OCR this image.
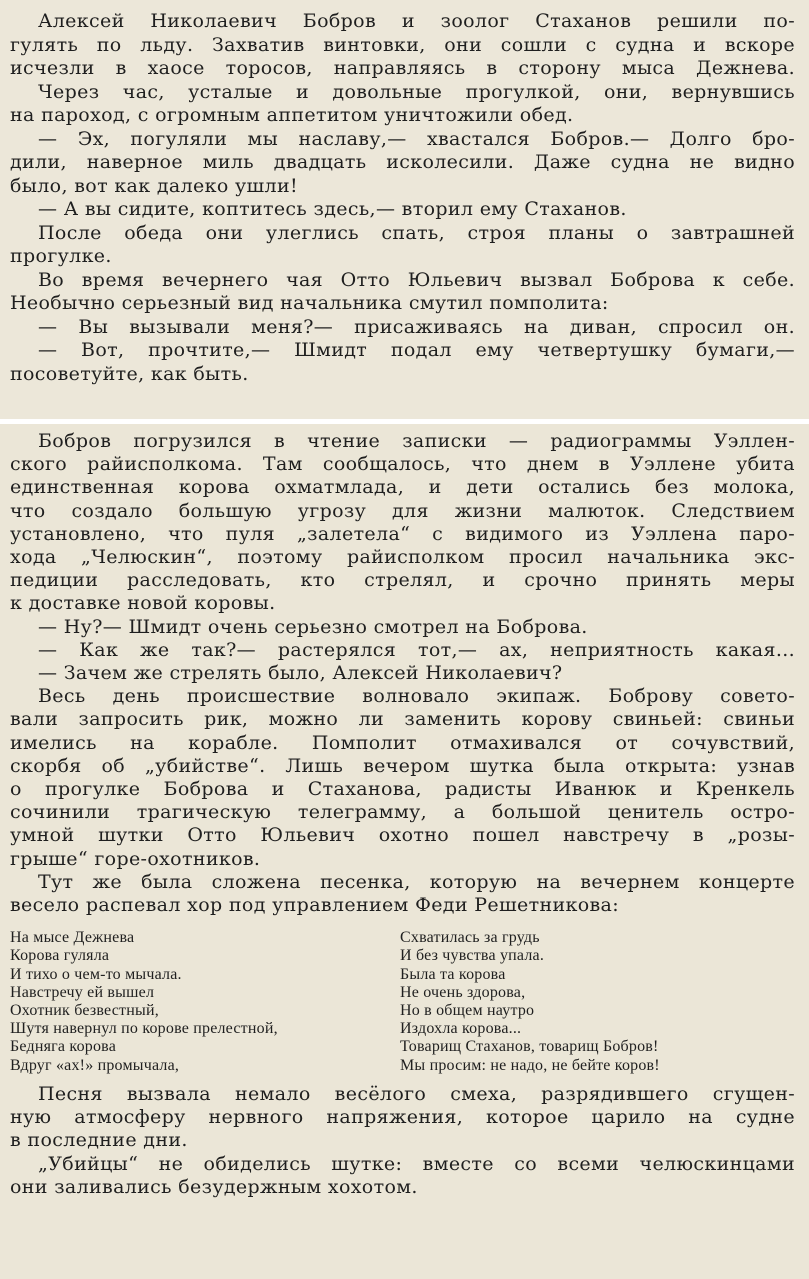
Алексей Николаевич Бобров и зоолог Стаханов решили по-

гулять по льду. Захватив винтовки, они сошли с судна и вскоре

исчезли в хаосе торосов, направляясь в сторону мыса Дежнева.

Через час, усталые и довольные прогулкой, они, вернувшись

на пароход, с огромным аппетитом уничтожили обед.

— Эх, погуляли мы наславу,— хвастался Бобров.— Долго бро-

дили, наверное миль двадцать исколесили. Даже судна не видно

было, вот как далеко ушли!

— А вы сидите, коптитесь здесь,— вторил ему Стаханов.

После обеда они улеглись спать, строя планы о завтрашней

прогулке.

Во время вечернего чая Отто Юльевич вызвал Боброва к себе.

Необычно серьезный вид начальника смутил помполита:

— Вы вызывали меня?— присаживаясь на диван, спросил он.

— Вот, прочтите,— Шмидт подал ему четвертушку бумаги,—

посоветуйте, как быть.

Бобров погрузился в чтение записки — радиограммы Уэллен-

ского райисполкома. Там сообщалось, что днем в Уэллене убита

единственная корова охматмлада, и дети остались без молока,

что создало большую угрозу для жизни малюток. Следствием

установлено, что пуля „залетела“ с видимого из Уэллена паро-

хода „Челюскин“, поэтому райисполком просил начальника экс-

педиции расследовать, кто стрелял, и срочно принять меры

к доставке новой коровы.

— Ну?— Шмидт очень серьезно смотрел на Боброва.

— Как же так?— растерялся тот,— ах, неприятность какая...

— Зачем же стрелять было, Алексей Николаевич?

Весь день происшествие волновало экипаж. Боброву совето-

вали запросить рик, можно ли заменить корову свиньей: свиньи

имелись на корабле. Помполит отмахивался от сочувствий,

скорбя об „убийстве“. Лишь вечером шутка была открыта: узнав

о прогулке Боброва и Стаханова, радисты Иванюк и Кренкель

сочинили трагическую телеграмму, а большой ценитель остро-

умной шутки Отто Юльевич охотно пошел навстречу в „розы-

грыше“ горе-охотников.

Тут же была сложена песенка, которую на вечернем концерте

весело распевал хор под управлением Феди Решетникова:

На мысе Дежнева

Корова гуляла

И тихо о чем-то мычала.

Навстречу ей вышел

Охотник безвестный,

Шутя навернул по корове прелестной,

Бедняга корова

Вдруг «ах!» промычала,

Схватилась за грудь

И без чувства упала.

Была та корова

Не очень здорова,

Но в общем наутро

Издохла корова...

Товарищ Стаханов, товарищ Бобров!

Мы просим: не надо, не бейте коров!

Песня вызвала немало весёлого смеха, разрядившего сгущен-

ную атмосферу нервного напряжения, которое царило на судне

в последние дни.

„Убийцы“ не обиделись шутке: вместе со всеми челюскинцами

они заливались безудержным хохотом.
